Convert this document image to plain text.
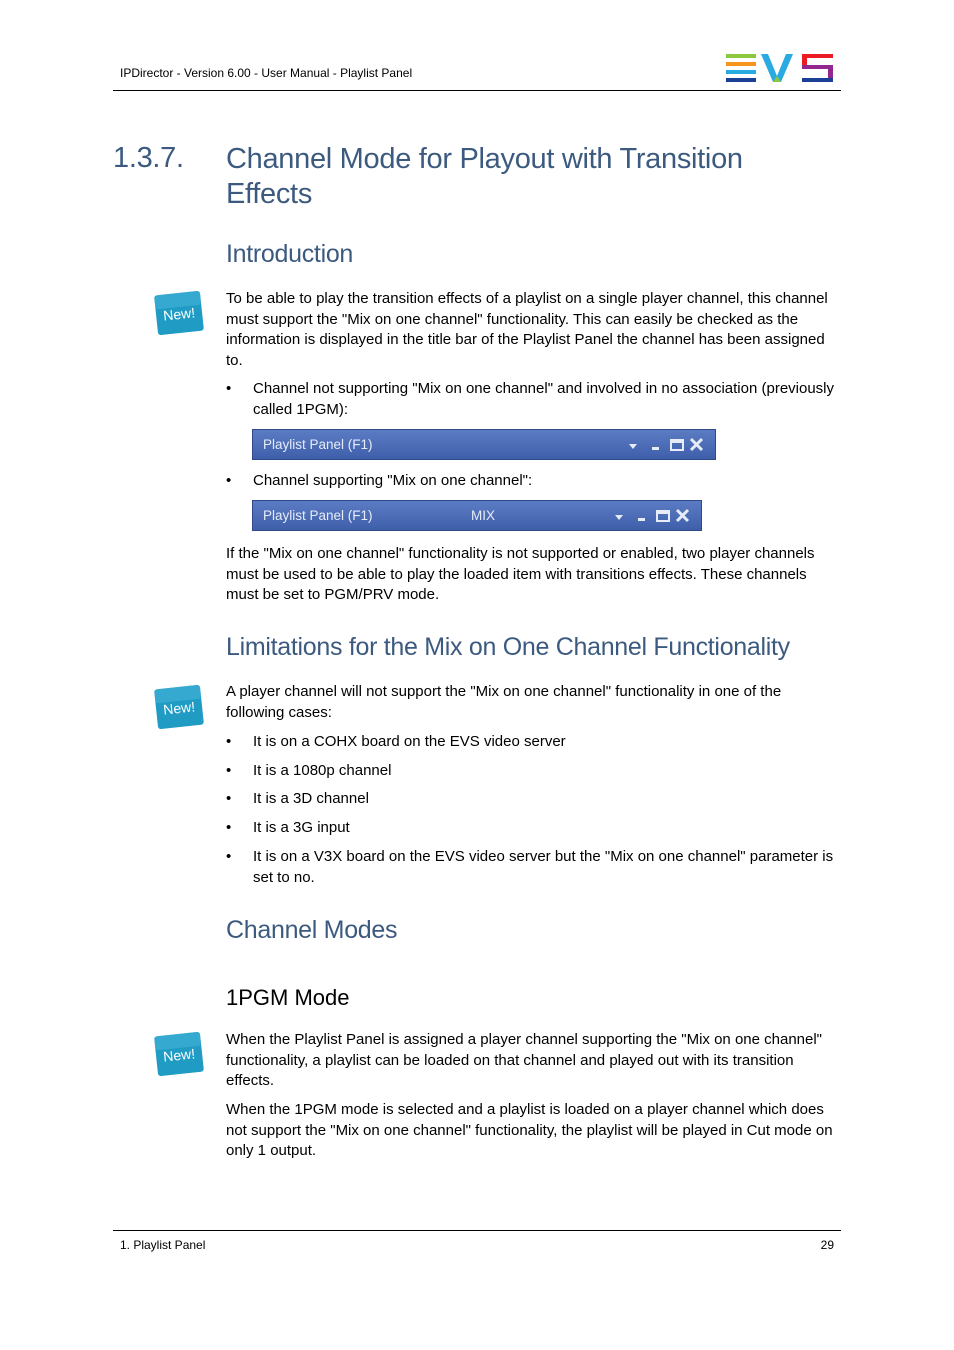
IPDirector - Version 6.00 - User Manual - Playlist Panel
1.3.7. Channel Mode for Playout with Transition Effects
Introduction
New!
To be able to play the transition effects of a playlist on a single player channel, this channel must support the "Mix on one channel" functionality. This can easily be checked as the information is displayed in the title bar of the Playlist Panel the channel has been assigned to.
• Channel not supporting "Mix on one channel" and involved in no association (previously called 1PGM):
Playlist Panel (F1)
• Channel supporting "Mix on one channel":
Playlist Panel (F1)	MIX
If the "Mix on one channel" functionality is not supported or enabled, two player channels must be used to be able to play the loaded item with transitions effects. These channels must be set to PGM/PRV mode.
Limitations for the Mix on One Channel Functionality
New!
A player channel will not support the "Mix on one channel" functionality in one of the following cases:
• It is on a COHX board on the EVS video server
• It is a 1080p channel
• It is a 3D channel
• It is a 3G input
• It is on a V3X board on the EVS video server but the "Mix on one channel" parameter is set to no.
Channel Modes
1PGM Mode
New!
When the Playlist Panel is assigned a player channel supporting the "Mix on one channel" functionality, a playlist can be loaded on that channel and played out with its transition effects.
When the 1PGM mode is selected and a playlist is loaded on a player channel which does not support the "Mix on one channel" functionality, the playlist will be played in Cut mode on only 1 output.
1. Playlist Panel	29
